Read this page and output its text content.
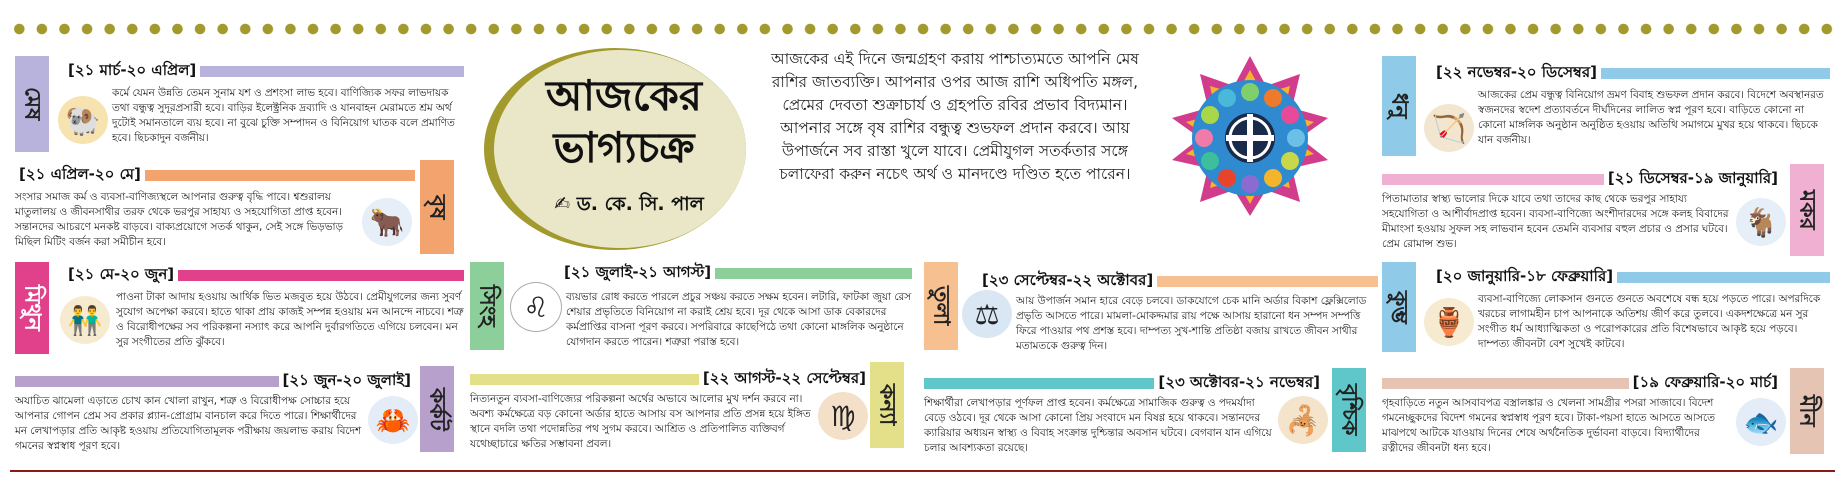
আজকের
ভাগ্যচক্র
✍ ড. কে. সি. পাল
আজকের এই দিনে জন্মগ্রহণ করায় পাশ্চাত্যমতে আপনি মেষ রাশির জাতব্যক্তি। আপনার ওপর আজ রাশি অধিপতি মঙ্গল, প্রেমের দেবতা শুক্রাচার্য ও গ্রহপতি রবির প্রভাব বিদ্যমান। আপনার সঙ্গে বৃষ রাশির বন্ধুত্ব শুভফল প্রদান করবে। আয় উপার্জনে সব রাস্তা খুলে যাবে। প্রেমীযুগল সতর্কতার সঙ্গে চলাফেরা করুন নচেৎ অর্থ ও মানদণ্ডে দণ্ডিত হতে পারেন।
মেষ
[২১ মার্চ-২০ এপ্রিল]
🐏
কর্মে যেমন উন্নতি তেমন সুনাম যশ ও প্রশংসা লাভ হবে। বাণিজ্যিক সফর লাভদায়ক তথা বন্ধুত্ব সুদূরপ্রসারী হবে। বাড়ির ইলেক্ট্রনিক দ্রব্যাদি ও যানবাহন মেরামতে শ্রম অর্থ দুটোই সমানতালে ব্যয় হবে। না বুঝে চুক্তি সম্পাদন ও বিনিয়োগ ঘাতক বলে প্রমাণিত হবে। ছিচকাদুন বর্জনীয়।
[২১ এপ্রিল-২০ মে]
বৃষ
সংসার সমাজ কর্ম ও ব্যবসা-বাণিজ্যস্থলে আপনার গুরুত্ব বৃদ্ধি পাবে। শ্বশুরালয় মাতুলালয় ও জীবনসাথীর তরফ থেকে ভরপুর সাহায্য ও সহযোগিতা প্রাপ্ত হবেন। সন্তানদের আচরণে মনকষ্ট বাড়বে। বাক্যপ্রয়োগে সতর্ক থাকুন, সেই সঙ্গে ভিড়ভাড় মিছিল মিটিং বর্জন করা সমীচীন হবে।
🐂
মিথুন
[২১ মে-২০ জুন]
👬
পাওনা টাকা আদায় হওয়ায় আর্থিক ভিত মজবুত হয়ে উঠবে। প্রেমীযুগলের জন্য সুবর্ণ সুযোগ অপেক্ষা করবে। হাতে থাকা প্রায় কাজই সম্পন্ন হওয়ায় মন আনন্দে নাচবে। শত্রু ও বিরোধীপক্ষের সব পরিকল্পনা নস্যাৎ করে আপনি দুর্বারগতিতে এগিয়ে চলবেন। মন সুর সংগীতের প্রতি ঝুঁকবে।
[২১ জুন-২০ জুলাই]
কর্কট
অযাচিত ঝামেলা এড়াতে চোখ কান খোলা রাখুন, শত্রু ও বিরোধীপক্ষ সোচ্চার হয়ে আপনার গোপন প্রেম সব প্রকার প্ল্যান-প্রোগ্রাম বানচাল করে দিতে পারে। শিক্ষার্থীদের মন লেখাপড়ার প্রতি আকৃষ্ট হওয়ায় প্রতিযোগিতামূলক পরীক্ষায় জয়লাভ করায় বিদেশ গমনের স্বপ্নস্বাধ পূরণ হবে।
🦀
সিংহ ♌
[২১ জুলাই-২১ আগস্ট]
ব্যয়ভার রোধ করতে পারলে প্রচুর সঞ্চয় করতে সক্ষম হবেন। লটারি, ফাটকা জুয়া রেস শেয়ার প্রভৃতিতে বিনিয়োগ না করাই শ্রেয় হবে। দূর থেকে আসা ডাক বেকারদের কর্মপ্রাপ্তির বাসনা পূরণ করবে। সপরিবারে কাছেপিঠে তথা কোনো মাঙ্গলিক অনুষ্ঠানে যোগদান করতে পারেন। শত্রুরা পরাস্ত হবে।
[২২ আগস্ট-২২ সেপ্টেম্বর]
কন্যা
নিত্যনতুন ব্যবসা-বাণিজ্যের পরিকল্পনা অর্থের অভাবে আলোর মুখ দর্শন করবে না। অবশ্য কর্মক্ষেত্রে বড় কোনো অর্ডার হাতে আসায় বস আপনার প্রতি প্রসন্ন হয়ে ইঙ্গিত স্থানে বদলি তথা পদোন্নতির পথ সুগম করবে। আশ্রিত ও প্রতিপালিত ব্যক্তিবর্গ যথেচ্ছাচারে ক্ষতির সম্ভাবনা প্রবল।
♍
তুলা ⚖
[২৩ সেপ্টেম্বর-২২ অক্টোবর]
আয় উপার্জন সমান হারে বেড়ে চলবে। ডাকযোগে চেক মানি অর্ডার বিকাশ ফ্লেক্সিলোড প্রভৃতি আসতে পারে। মামলা-মোকদ্দমার রায় পক্ষে আসায় হারানো ধন সম্পদ সম্পত্তি ফিরে পাওয়ার পথ প্রশস্ত হবে। দাম্পত্য সুখ-শান্তি প্রতিষ্ঠা বজায় রাখতে জীবন সাথীর মতামতকে গুরুত্ব দিন।
[২৩ অক্টোবর-২১ নভেম্বর]
বৃশ্চিক
শিক্ষার্থীরা লেখাপড়ার পূর্ণফল প্রাপ্ত হবেন। কর্মক্ষেত্রে সামাজিক গুরুত্ব ও পদমর্যাদা বেড়ে ওঠবে। দূর থেকে আসা কোনো প্রিয় সংবাদে মন বিষণ্ণ হয়ে থাকবে। সন্তানদের ক্যারিয়ার অধ্যয়ন স্বাস্থ্য ও বিবাহ সংক্রান্ত দুশ্চিন্তার অবসান ঘটবে। বেগবান যান এগিয়ে চলার আবশ্যকতা রয়েছে।
🦂
ধনু
[২২ নভেম্বর-২০ ডিসেম্বর]
🏹
আজকের প্রেম বন্ধুত্ব বিনিয়োগ ভ্রমণ বিবাহ শুভফল প্রদান করবে। বিদেশে অবস্থানরত স্বজনদের স্বদেশ প্রত্যাবর্তনে দীর্ঘদিনের লালিত স্বপ্ন পূরণ হবে। বাড়িতে কোনো না কোনো মাঙ্গলিক অনুষ্ঠান অনুষ্ঠিত হওয়ায় অতিথি সমাগমে মুখর হয়ে থাকবে। ছিচকে যান বর্জনীয়।
[২১ ডিসেম্বর-১৯ জানুয়ারি]
মকর
পিতামাতার স্বাস্থ্য ভালোর দিকে যাবে তথা তাদের কাছ থেকে ভরপুর সাহায্য সহযোগিতা ও আশীর্বাদপ্রাপ্ত হবেন। ব্যবসা-বাণিজ্যে অংশীদারদের সঙ্গে কলহ বিবাদের মীমাংসা হওয়ায় সুফল সহ লাভবান হবেন তেমনি ব্যবসার বহুল প্রচার ও প্রসার ঘটবে। প্রেম রোমান্স শুভ।
🐐
কুম্ভ
[২০ জানুয়ারি-১৮ ফেব্রুয়ারি]
🏺
ব্যবসা-বাণিজ্যে লোকসান গুনতে গুনতে অবশেষে বন্ধ হয়ে পড়তে পারে। অপরদিকে খরচের লাগামহীন চাপ আপনাকে অতিশয় জীর্ণ করে তুলবে। একদশক্ষেত্রে মন সুর সংগীত ধর্ম আধ্যাত্মিকতা ও পরোপকারের প্রতি বিশেষভাবে আকৃষ্ট হয়ে পড়বে। দাম্পত্য জীবনটা বেশ সুখেই কাটবে।
[১৯ ফেব্রুয়ারি-২০ মার্চ]
মীন
গৃহবাড়িতে নতুন আসবাবপত্র বস্ত্রালঙ্কার ও খেলনা সামগ্রীর পসরা সাজাবে। বিদেশ গমনেচ্ছুকদের বিদেশ গমনের স্বপ্নস্বাধ পূরণ হবে। টাকা-পয়সা হাতে আসতে আসতে মাঝপথে আটকে যাওয়ায় দিনের শেষে অর্থনৈতিক দুর্ভাবনা বাড়বে। বিদ্যার্থীদের রত্নীদের জীবনটা ধন্য হবে।
🐟
